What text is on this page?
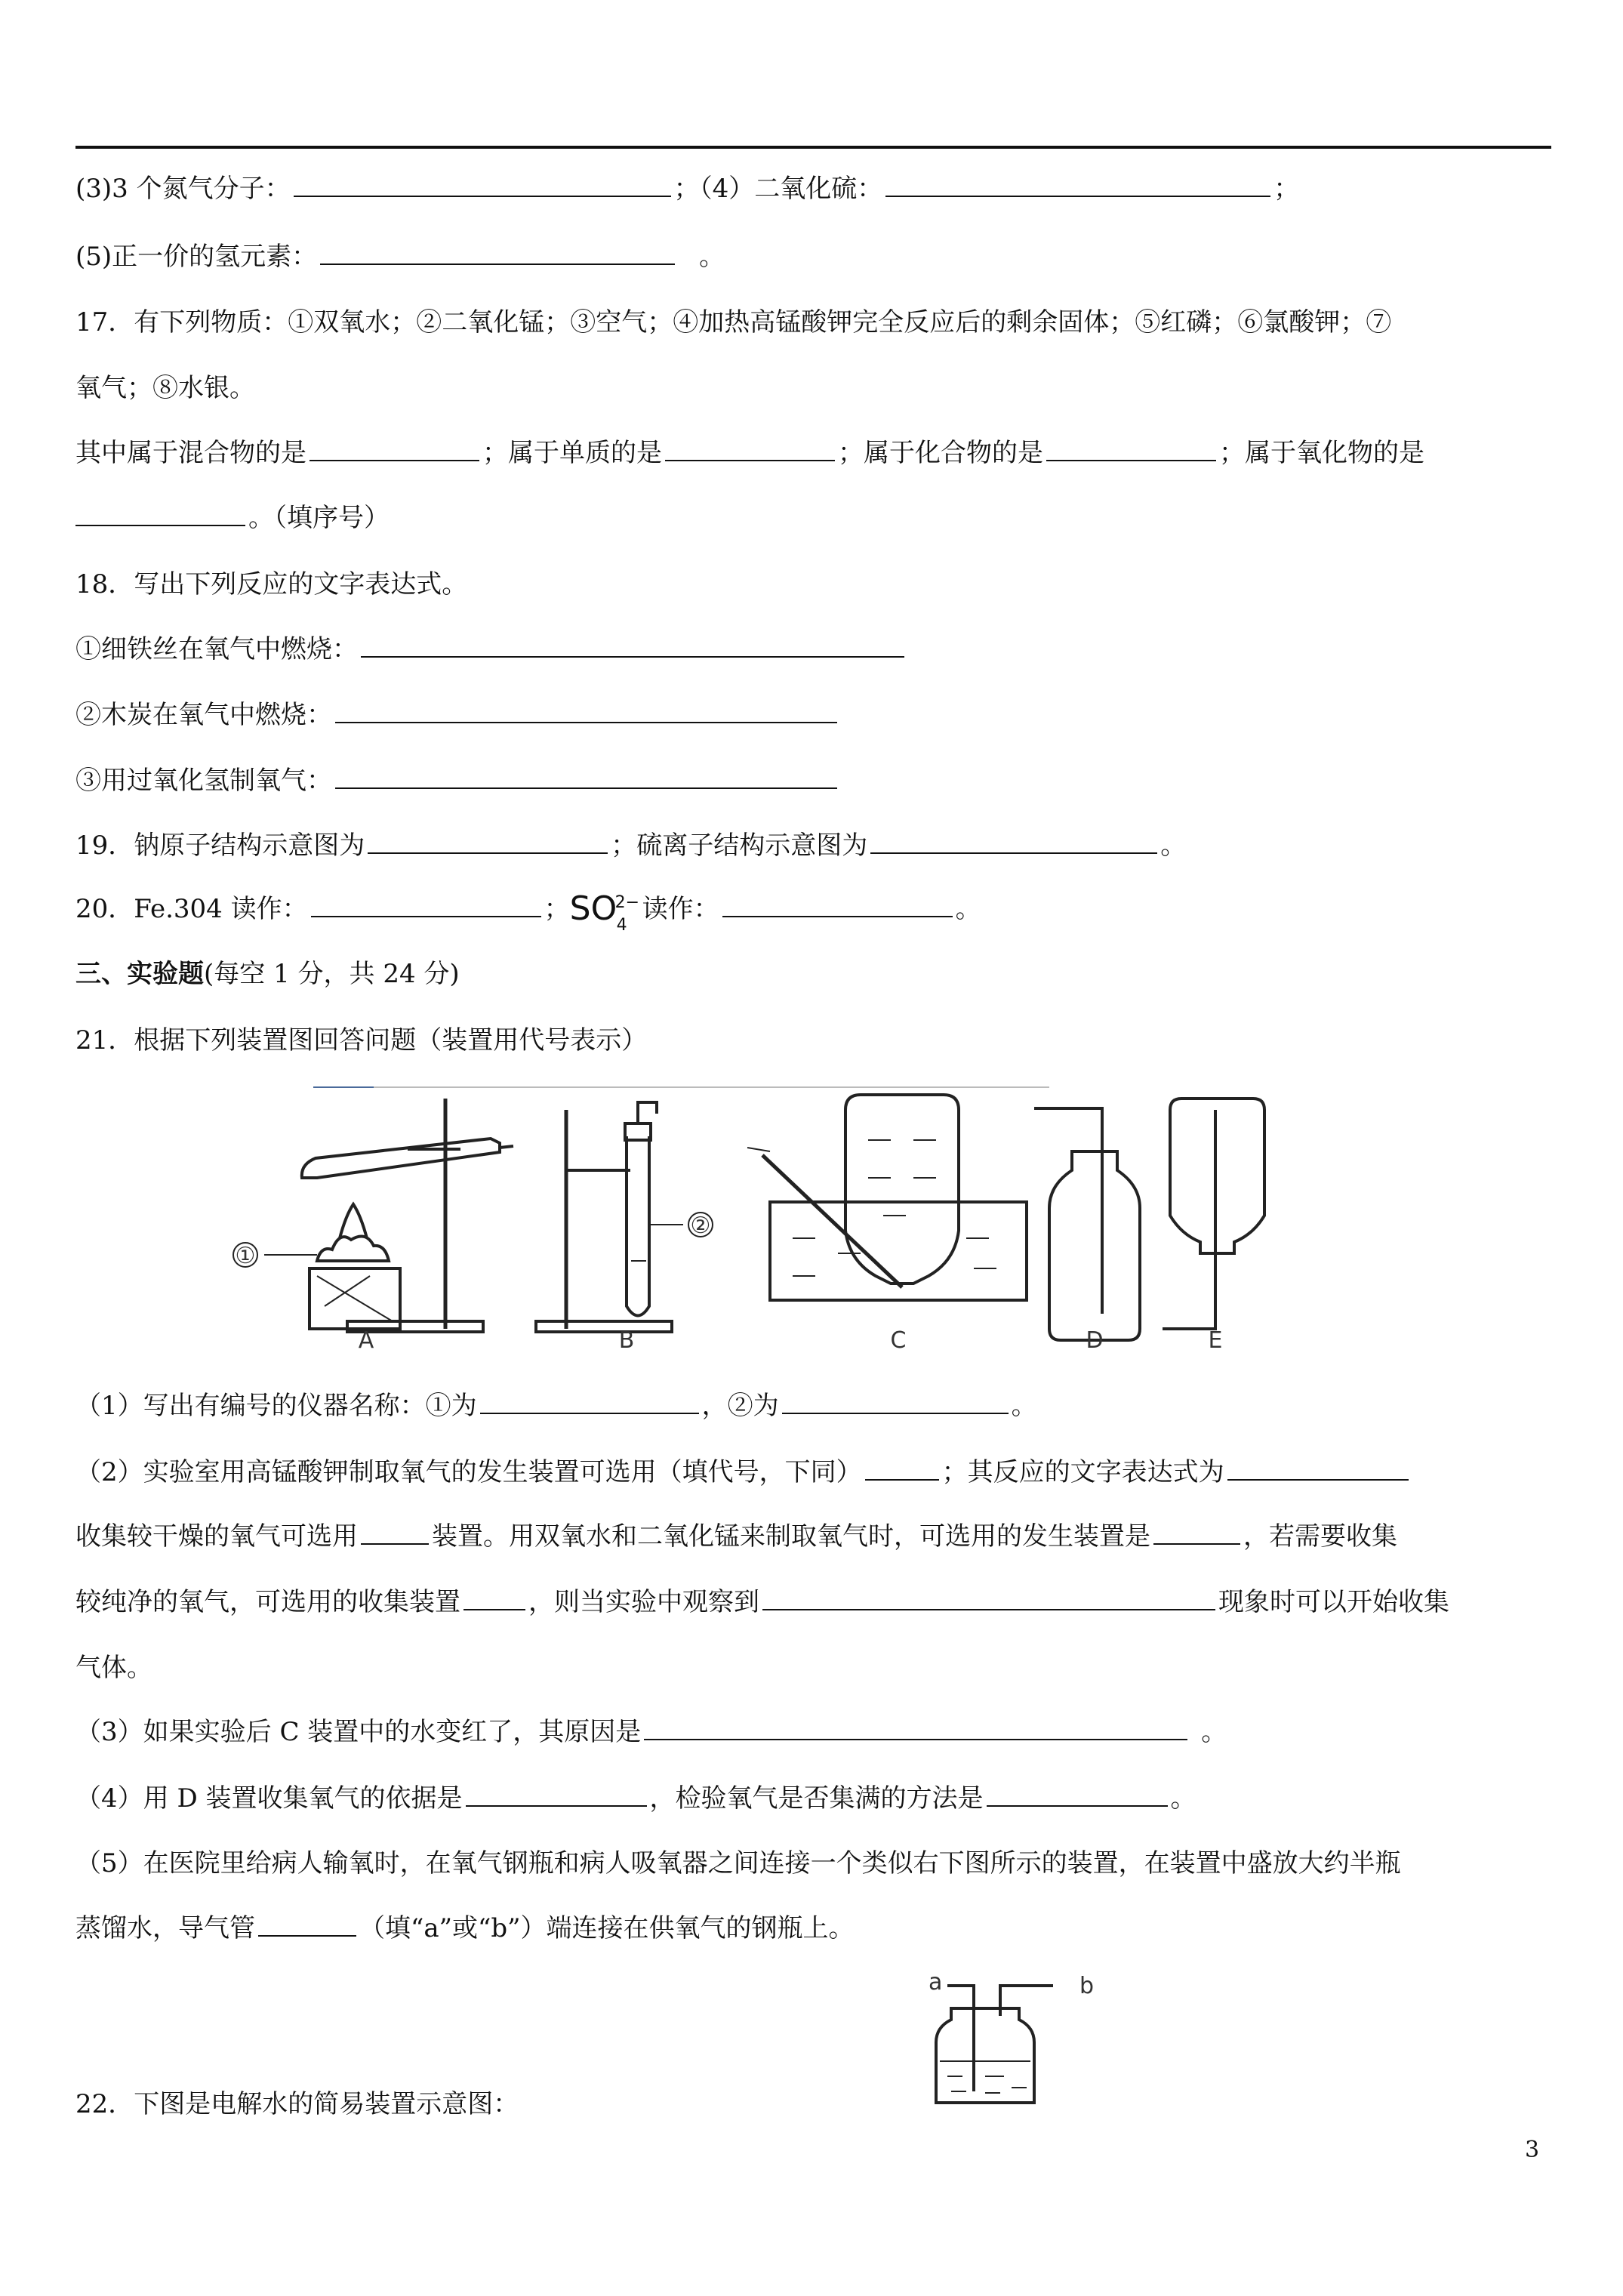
(3)3 个氮气分子：	；（4）二氧化硫：	；
(5)正一价的氢元素：	。
17．有下列物质：①双氧水；②二氧化锰；③空气；④加热高锰酸钾完全反应后的剩余固体；⑤红磷；⑥氯酸钾；⑦
氧气；⑧水银。
其中属于混合物的是	；属于单质的是	；属于化合物的是	；属于氧化物的是
。（填序号）
18．写出下列反应的文字表达式。
①细铁丝在氧气中燃烧：
②木炭在氧气中燃烧：
③用过氧化氢制氧气：
19．钠原子结构示意图为	；硫离子结构示意图为	。
20．Fe.304 读作：	； SO
2−
4
读作：	。
三、实验题(每空 1 分，共 24 分)
21．根据下列装置图回答问题（装置用代号表示）
①
②
A	B	C	D	E
（1）写出有编号的仪器名称：①为	，②为	。
（2）实验室用高锰酸钾制取氧气的发生装置可选用（填代号，下同）	；其反应的文字表达式为
收集较干燥的氧气可选用	装置。用双氧水和二氧化锰来制取氧气时，可选用的发生装置是	，若需要收集
较纯净的氧气，可选用的收集装置	，则当实验中观察到	现象时可以开始收集
气体。
（3）如果实验后 C 装置中的水变红了，其原因是	。
（4）用 D 装置收集氧气的依据是	，检验氧气是否集满的方法是	。
（5）在医院里给病人输氧时，在氧气钢瓶和病人吸氧器之间连接一个类似右下图所示的装置，在装置中盛放大约半瓶
蒸馏水，导气管	（填“a”或“b”）端连接在供氧气的钢瓶上。
a	b
22．下图是电解水的简易装置示意图：
3
